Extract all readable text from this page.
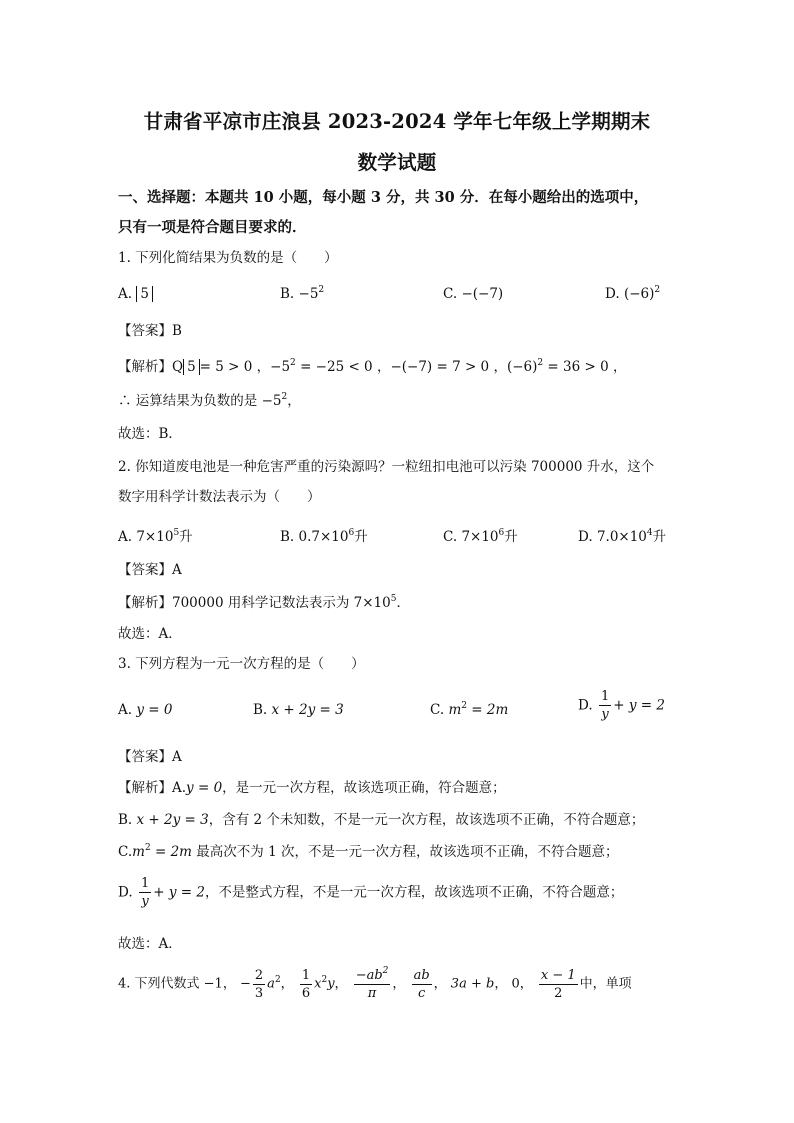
甘肃省平凉市庄浪县 2023-2024 学年七年级上学期期末
数学试题
一、选择题：本题共 10 小题，每小题 3 分，共 30 分．在每小题给出的选项中，
只有一项是符合题目要求的．
1. 下列化简结果为负数的是（　　）
A. 5	B. $-5^2$	C. −(−7)	D. $(-6)^2$
【答案】B
【解析】Q 5 = 5 > 0 ，$-5^2 = -25 < 0$ ，−(−7) = 7 > 0 ，$(-6)^2 = 36 > 0$ ，
∴ 运算结果为负数的是 $-5^2$，
故选：B．
2. 你知道废电池是一种危害严重的污染源吗？一粒纽扣电池可以污染 700000 升水，这个
数字用科学计数法表示为（　　）
A. $7\times 10^5$升	B. $0.7\times 10^6$升	C. $7\times 10^6$升	D. $7.0\times 10^4$升
【答案】A
【解析】700000 用科学记数法表示为 $7\times 10^5$．
故选：A．
3. 下列方程为一元一次方程的是（　　）
A. y = 0	B. x + 2y = 3	C. $m^2 = 2m$	D. $\frac{1}{y} + y = 2$
【答案】A
【解析】A.y = 0，是一元一次方程，故该选项正确，符合题意；
B. x + 2y = 3，含有 2 个未知数，不是一元一次方程，故该选项不正确，不符合题意；
$C.m^2 = 2m$ 最高次不为 1 次，不是一元一次方程，故该选项不正确，不符合题意；
D. $\frac{1}{y} + y = 2$，不是整式方程，不是一元一次方程，故该选项不正确，不符合题意；
故选：A．
4. 下列代数式 −1， − $\frac{2}{3} a^2$， $\frac{1}{6} x^2y$， $\frac{-ab^2}{\pi}$ ， $\frac{ab}{c}$ ， 3a + b， 0， $\frac{x - 1}{2}$ 中，单项
